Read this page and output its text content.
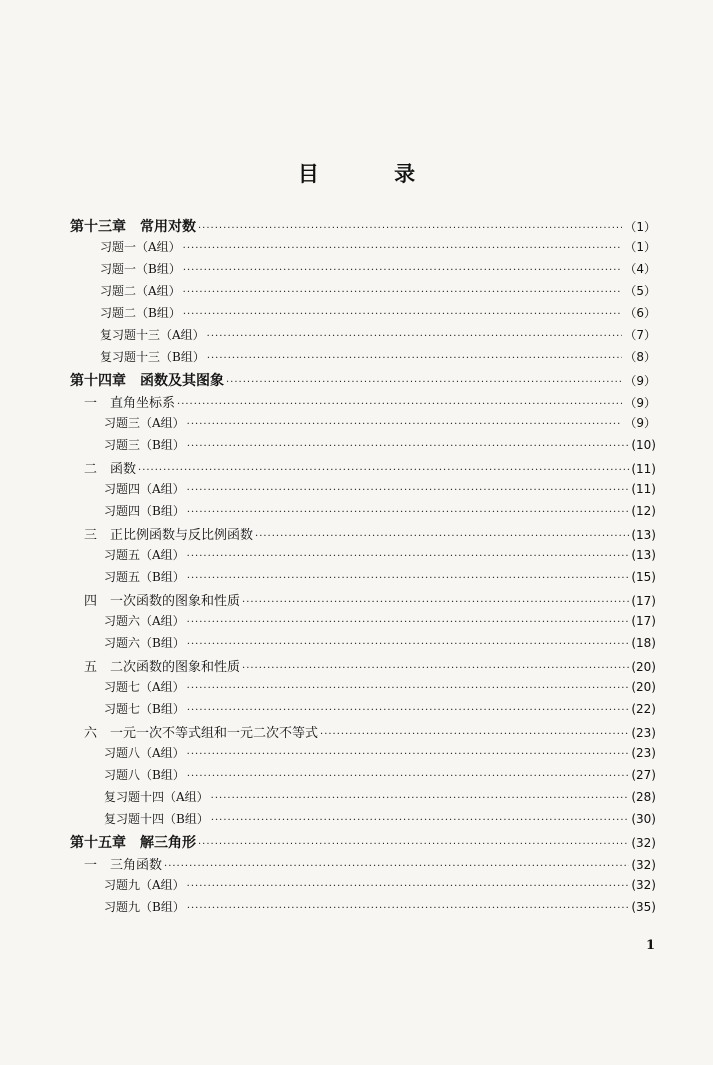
目 录
第十三章　常用对数 ·····	（1）
习题一（A组） ·····	（1）
习题一（B组） ·····	（4）
习题二（A组） ·····	（5）
习题二（B组） ·····	（6）
复习题十三（A组） ·····	（7）
复习题十三（B组） ·····	（8）
第十四章　函数及其图象 ·····	（9）
一　直角坐标系 ·····	（9）
习题三（A组） ·····	（9）
习题三（B组） ·····	(10)
二　函数 ·····	(11)
习题四（A组） ·····	(11)
习题四（B组） ·····	(12)
三　正比例函数与反比例函数 ·····	(13)
习题五（A组） ·····	(13)
习题五（B组） ·····	(15)
四　一次函数的图象和性质 ·····	(17)
习题六（A组） ·····	(17)
习题六（B组） ·····	(18)
五　二次函数的图象和性质 ·····	(20)
习题七（A组） ·····	(20)
习题七（B组） ·····	(22)
六　一元一次不等式组和一元二次不等式 ·····	(23)
习题八（A组） ·····	(23)
习题八（B组） ·····	(27)
复习题十四（A组） ·····	(28)
复习题十四（B组） ·····	(30)
第十五章　解三角形 ·····	(32)
一　三角函数 ·····	(32)
习题九（A组） ·····	(32)
习题九（B组） ·····	(35)
1
